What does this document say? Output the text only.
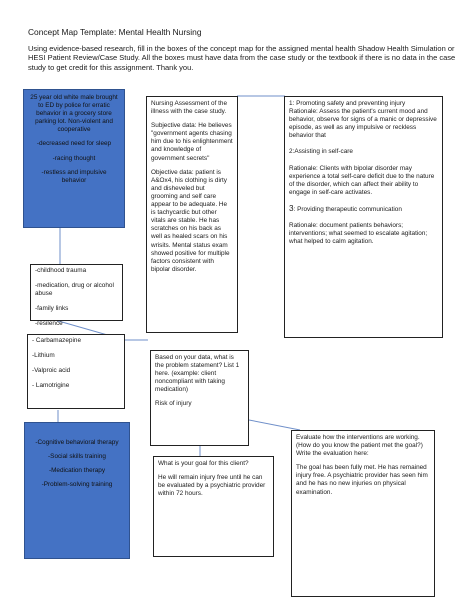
Concept Map Template: Mental Health Nursing
Using evidence-based research, fill in the boxes of the concept map for the assigned mental health Shadow Health Simulation or HESI Patient Review/Case Study. All the boxes must have data from the case study or the textbook if there is no data in the case study to get credit for this assignment. Thank you.

25 year old white male brought to ED by police for erratic behavior in a grocery store parking lot. Non-violent and cooperative

-decreased need for sleep

-racing thought

-restless and impulsive behavior

-childhood trauma
-medication, drug or alcohol abuse
-family links
-resilence
- Carbamazepine
-Lithium
-Valproic acid
- Lamotrigine

-Cognitive behavioral therapy

-Social skills training

-Medication therapy

-Problem-solving training

Nursing Assessment of the illness with the case study.

Subjective data: He believes "government agents chasing him due to his enlightenment and knowledge of government secrets"

Objective data: patient is A&Ox4, his clothing is dirty and disheveled but grooming and self care appear to be adequate. He is tachycardic but other vitals are stable. He has scratches on his back as well as healed scars on his wrisits. Mental status exam showed positive for multiple factors consistent with bipolar disorder.

1: Promoting safety and preventing injury

Rationale: Assess the patient's current mood and behavior, observe for signs of a manic or depressive episode, as well as any impulsive or reckless behavior that

2:Assisting in self-care

Rationale: Clients with bipolar disorder may experience a total self-care deficit due to the nature of the disorder, which can affect their ability to engage in self-care activates.

3: Providing therapeutic communication

Rationale: document patients behaviors; interventions; what seemed to escalate agitation; what helped to calm agitation.

Based on your data, what is the problem statement? List 1 here. (example: client noncompliant with taking medication)

Risk of injury

What is your goal for this client?

He will remain injury free until he can be evaluated by a psychiatric provider within 72 hours.

Evaluate how the interventions are working. (How do you know the patient met the goal?) Write the evaluation here:

The goal has been fully met. He has remained injury free. A psychiatric provider has seen him and he has no new injuries on physical examination.
